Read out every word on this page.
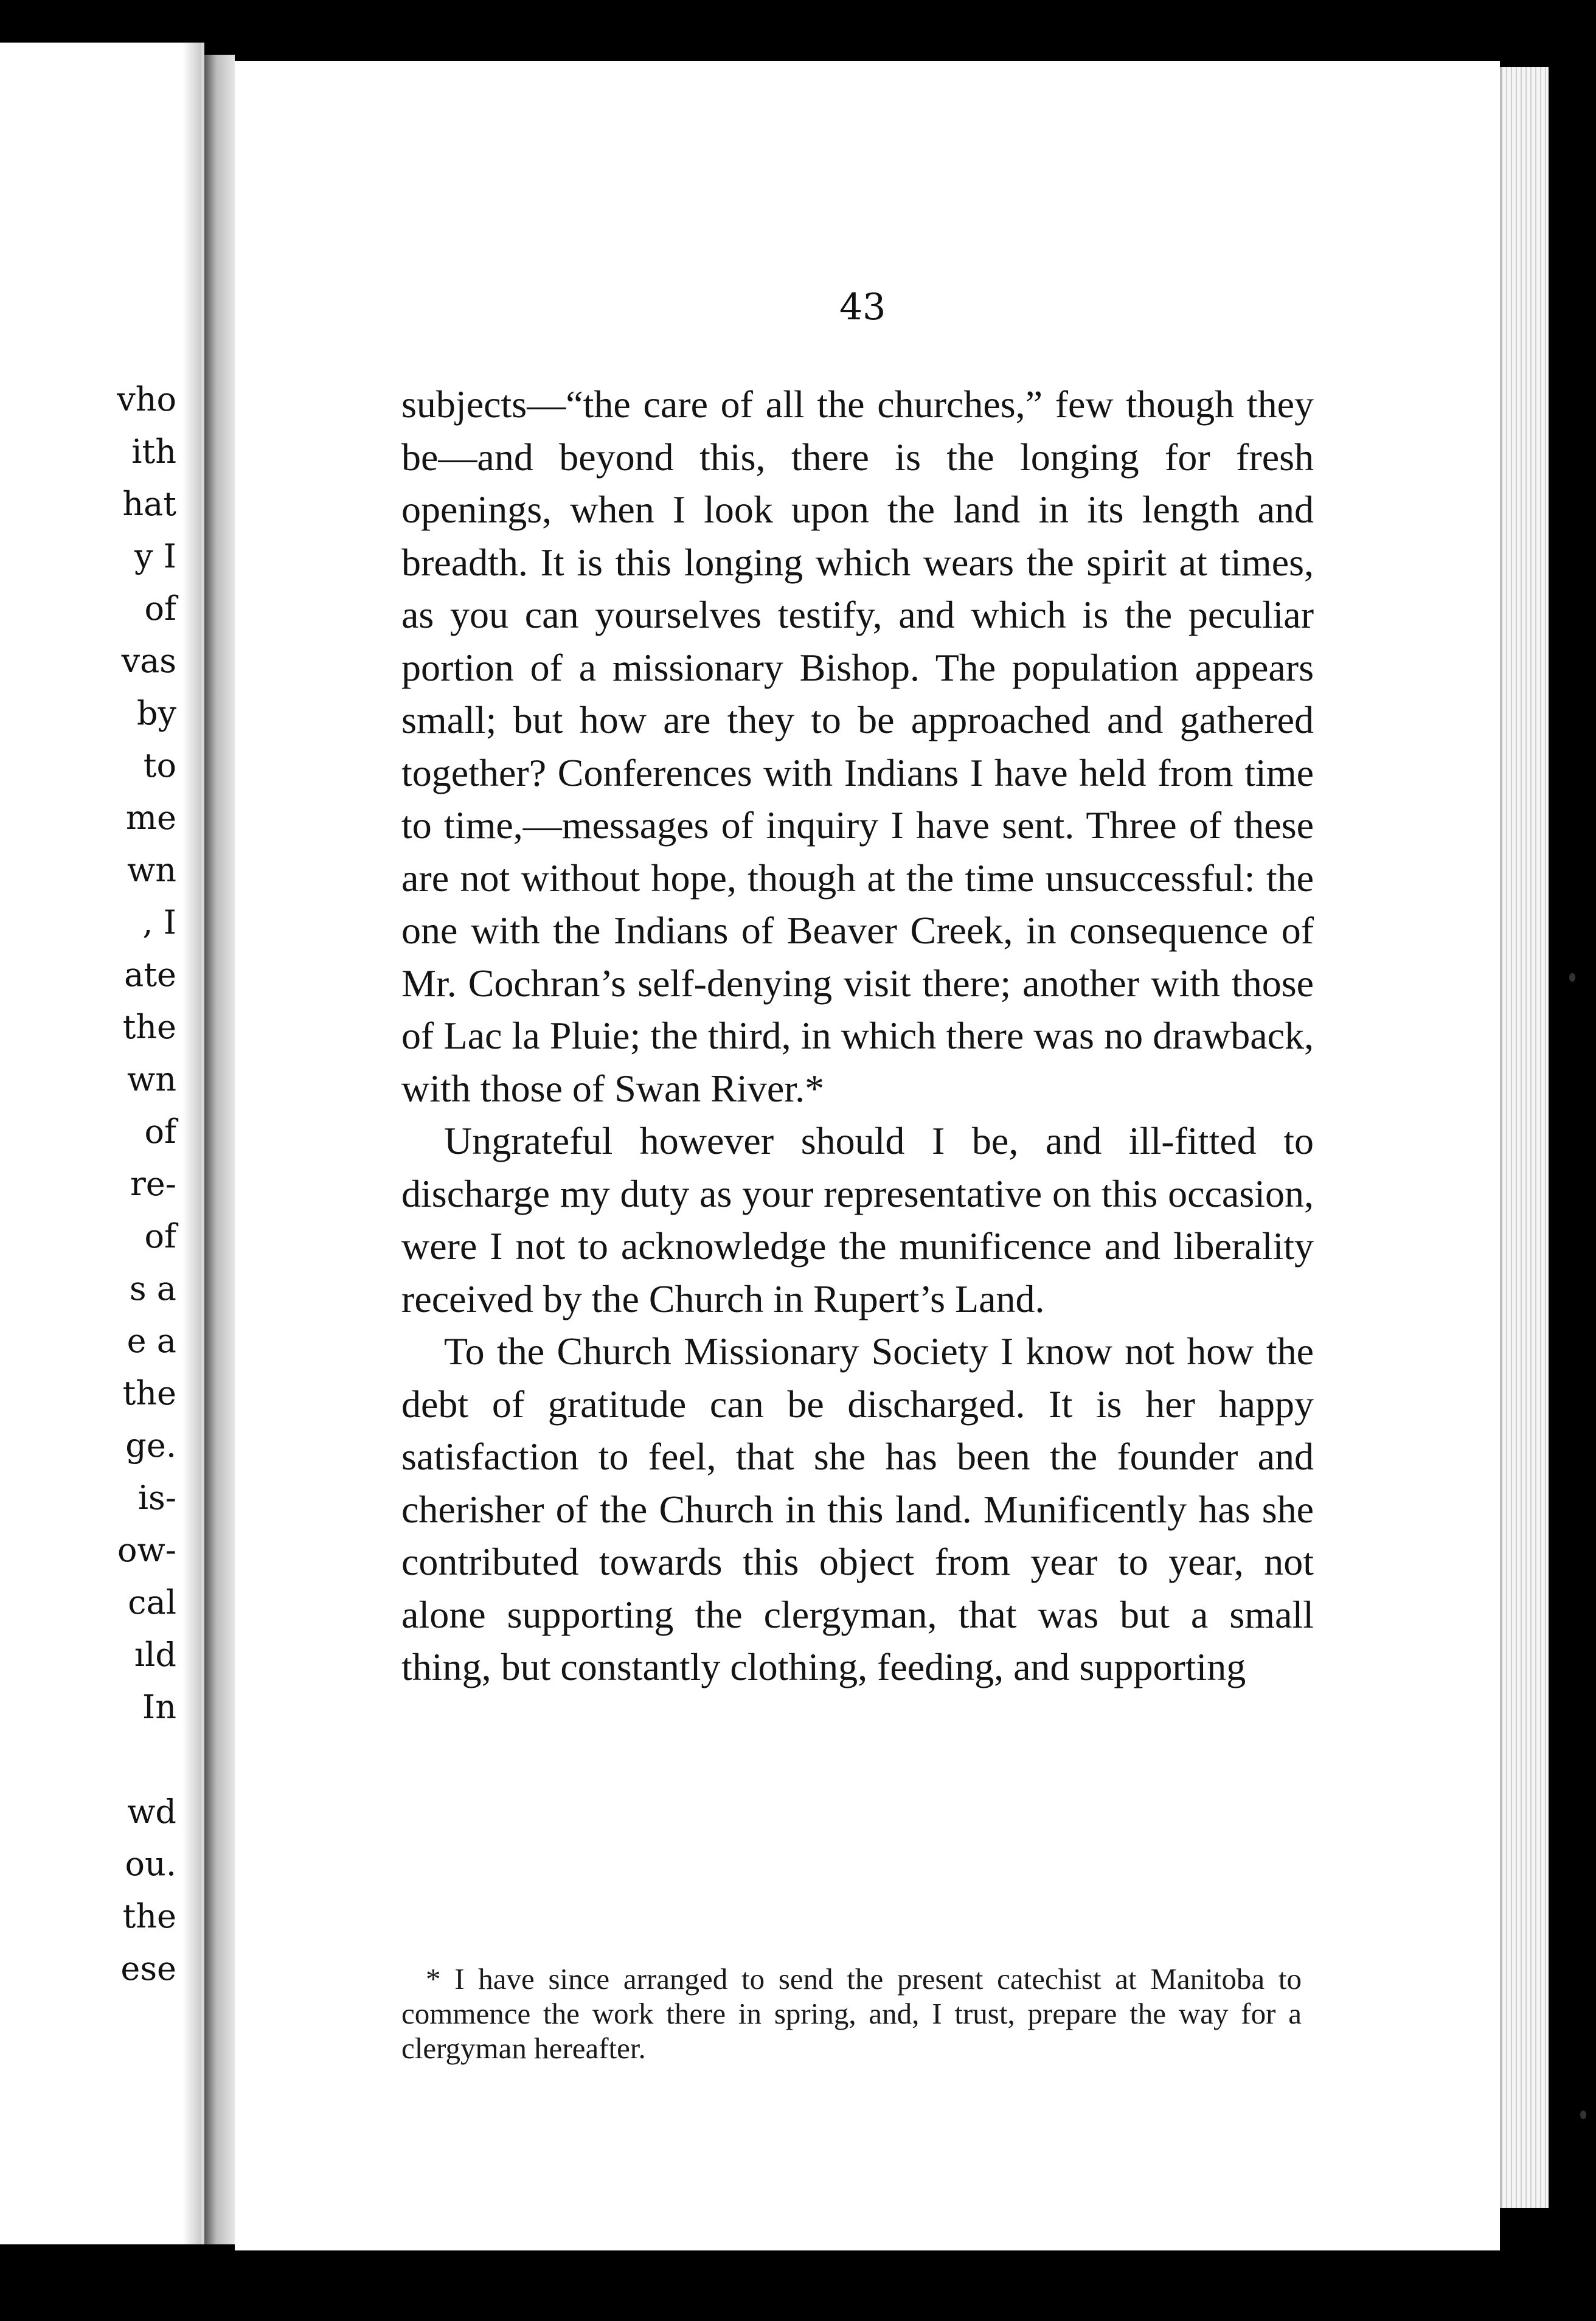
vho
ith
hat
y I
of
vas
by
to
me
wn
, I
ate
the
wn
of
re-
of
s a
e a
the
ge.
is-
ow-
cal
ıld
In
wd
ou.
the
ese
43

subjects—“the care of all the churches,” few though they be—and beyond this, there is the longing for fresh openings, when I look upon the land in its length and breadth. It is this longing which wears the spirit at times, as you can yourselves testify, and which is the peculiar portion of a missionary Bishop. The population appears small; but how are they to be approached and gathered together? Conferences with Indians I have held from time to time,—messages of inquiry I have sent. Three of these are not without hope, though at the time unsuccessful: the one with the Indians of Beaver Creek, in consequence of Mr. Cochran’s self-denying visit there; another with those of Lac la Pluie; the third, in which there was no drawback, with those of Swan River.*

Ungrateful however should I be, and ill-fitted to discharge my duty as your representative on this occasion, were I not to acknowledge the munificence and liberality received by the Church in Rupert’s Land.

To the Church Missionary Society I know not how the debt of gratitude can be discharged. It is her happy satisfaction to feel, that she has been the founder and cherisher of the Church in this land. Munificently has she contributed towards this object from year to year, not alone supporting the clergyman, that was but a small thing, but constantly clothing, feeding, and supporting

* I have since arranged to send the present catechist at Manitoba to commence the work there in spring, and, I trust, prepare the way for a clergyman hereafter.
